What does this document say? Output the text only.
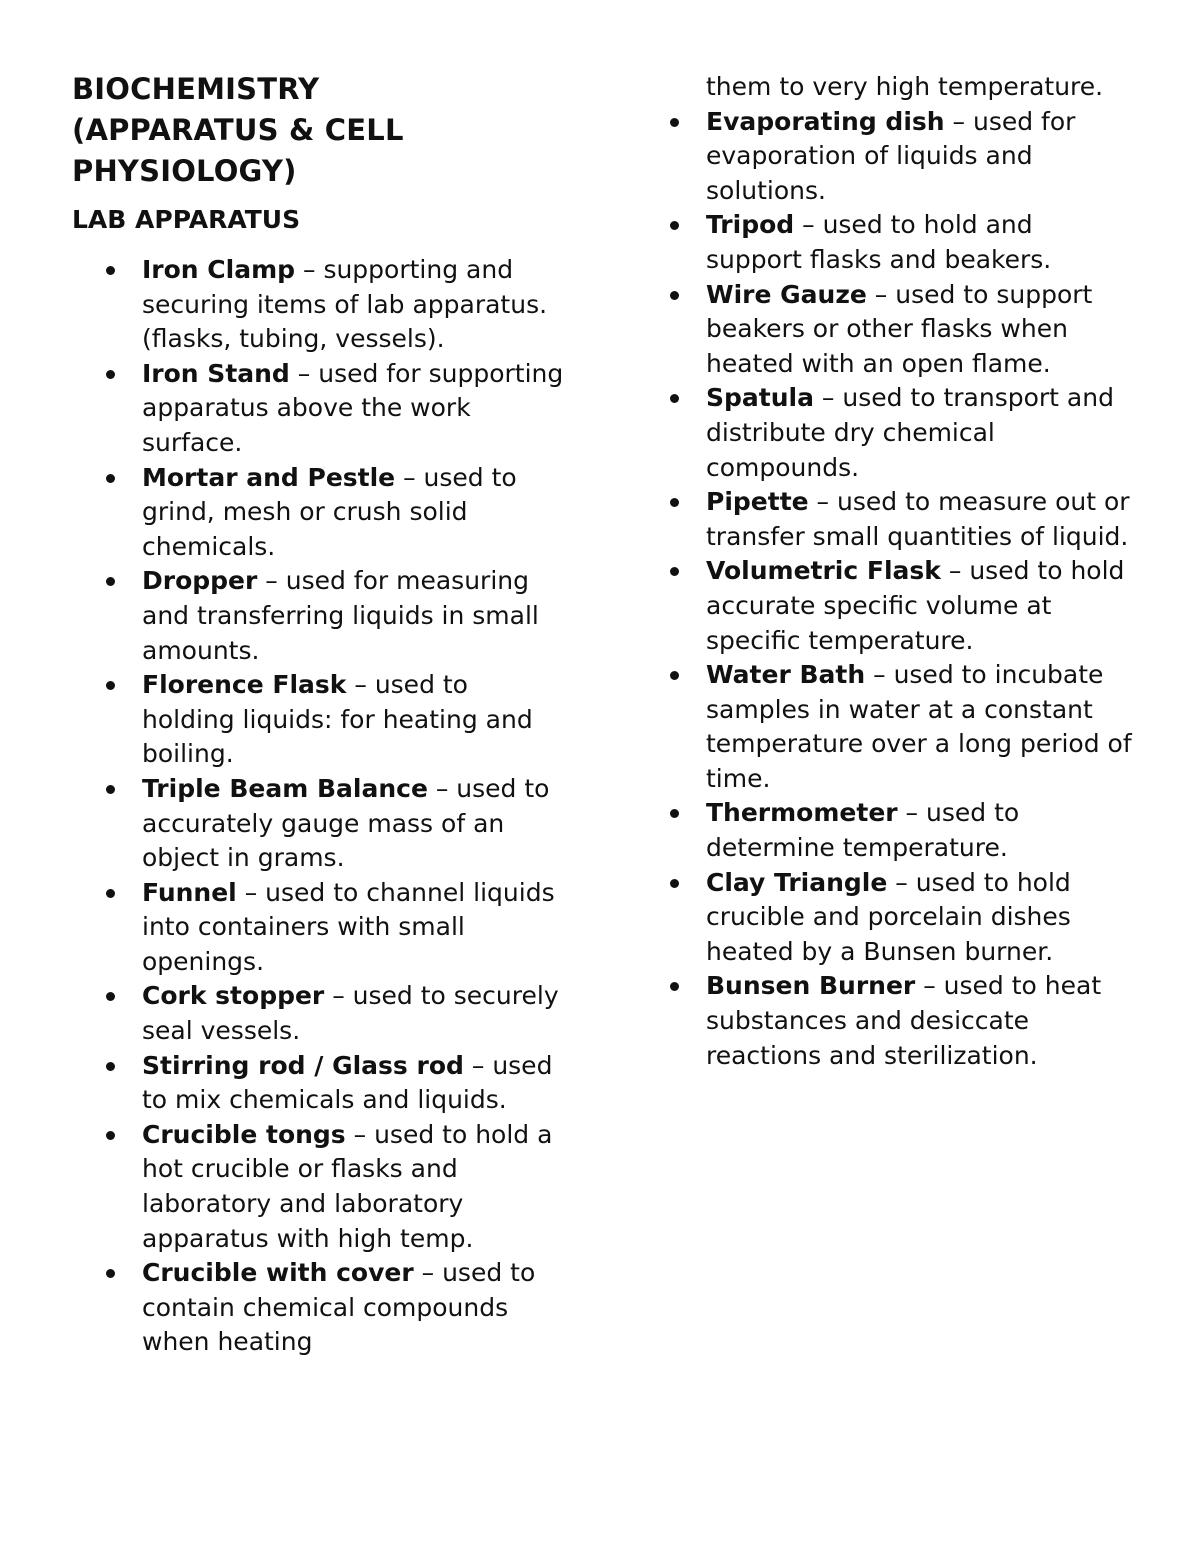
BIOCHEMISTRY (APPARATUS & CELL PHYSIOLOGY)
LAB APPARATUS
Iron Clamp – supporting and securing items of lab apparatus. (flasks, tubing, vessels).
Iron Stand – used for supporting apparatus above the work surface.
Mortar and Pestle – used to grind, mesh or crush solid chemicals.
Dropper – used for measuring and transferring liquids in small amounts.
Florence Flask – used to holding liquids: for heating and boiling.
Triple Beam Balance – used to accurately gauge mass of an object in grams.
Funnel – used to channel liquids into containers with small openings.
Cork stopper – used to securely seal vessels.
Stirring rod / Glass rod – used to mix chemicals and liquids.
Crucible tongs – used to hold a hot crucible or flasks and laboratory and laboratory apparatus with high temp.
Crucible with cover – used to contain chemical compounds when heating
them to very high temperature.
Evaporating dish – used for evaporation of liquids and solutions.
Tripod – used to hold and support flasks and beakers.
Wire Gauze – used to support beakers or other flasks when heated with an open flame.
Spatula – used to transport and distribute dry chemical compounds.
Pipette – used to measure out or transfer small quantities of liquid.
Volumetric Flask – used to hold accurate specific volume at specific temperature.
Water Bath – used to incubate samples in water at a constant temperature over a long period of time.
Thermometer – used to determine temperature.
Clay Triangle – used to hold crucible and porcelain dishes heated by a Bunsen burner.
Bunsen Burner – used to heat substances and desiccate reactions and sterilization.
